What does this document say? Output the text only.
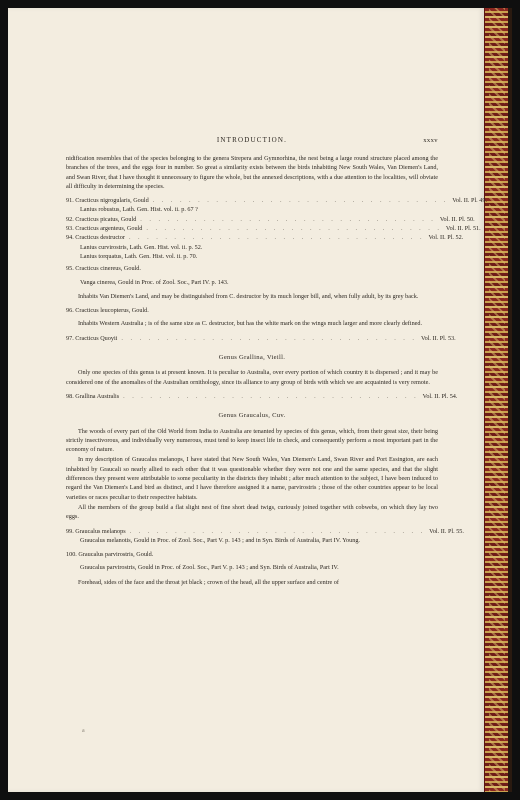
INTRODUCTION.	xxxv

nidification resembles that of the species belonging to the genera Strepera and Gymnorhina, the nest being a large round structure placed among the branches of the trees, and the eggs four in number. So great a similarity exists between the birds inhabiting New South Wales, Van Diemen's Land, and Swan River, that I have thought it unnecessary to figure the whole, but the annexed descriptions, with a due attention to the localities, will obviate all difficulty in determining the species.

91. Cracticus nigrogularis, Gould . . . . . . . . . . . . . . . . . . . . . . . . . . . . . . . . . Vol. II. Pl. 49.
Lanius robustus, Lath. Gen. Hist. vol. ii. p. 67 ?
92. Cracticus picatus, Gould . . . . . . . . . . . . . . . . . . . . . . . . . . . . . . . . . Vol. II. Pl. 50.
93. Cracticus argenteus, Gould . . . . . . . . . . . . . . . . . . . . . . . . . . . . . . . . . Vol. II. Pl. 51.
94. Cracticus destructor . . . . . . . . . . . . . . . . . . . . . . . . . . . . . . . . . Vol. II. Pl. 52.
Lanius curvirostris, Lath. Gen. Hist. vol. ii. p. 52.
Lanius torquatus, Lath. Gen. Hist. vol. ii. p. 70.
95. Cracticus cinereus, Gould.

Vanga cinerea, Gould in Proc. of Zool. Soc., Part IV. p. 143.

Inhabits Van Diemen's Land, and may be distinguished from C. destructor by its much longer bill, and, when fully adult, by its grey back.

96. Cracticus leucopterus, Gould.

Inhabits Western Australia ; is of the same size as C. destructor, but has the white mark on the wings much larger and more clearly defined.

97. Cracticus Quoyii . . . . . . . . . . . . . . . . . . . . . . . . . . . . . . . . . Vol. II. Pl. 53.
Genus Grallina, Vieill.

Only one species of this genus is at present known. It is peculiar to Australia, over every portion of which country it is dispersed ; and it may be considered one of the anomalies of the Australian ornithology, since its alliance to any group of birds with which we are acquainted is very remote.

98. Grallina Australis . . . . . . . . . . . . . . . . . . . . . . . . . . . . . . . . . Vol. II. Pl. 54.
Genus Graucalus, Cuv.

The woods of every part of the Old World from India to Australia are tenanted by species of this genus, which, from their great size, their being strictly insectivorous, and individually very numerous, must tend to keep insect life in check, and consequently perform a most important part in the economy of nature.

In my description of Graucalus melanops, I have stated that New South Wales, Van Diemen's Land, Swan River and Port Essington, are each inhabited by Graucali so nearly allied to each other that it was questionable whether they were not one and the same species, and that the slight differences they present were attributable to some peculiarity in the districts they inhabit ; after much attention to the subject, I have been induced to regard the Van Diemen's Land bird as distinct, and I have therefore assigned it a name, parvirostris ; those of the other countries appear to be local varieties or races peculiar to their respective habitats.

All the members of the group build a flat slight nest of fine short dead twigs, curiously joined together with cobwebs, on which they lay two eggs.

99. Graucalus melanops . . . . . . . . . . . . . . . . . . . . . . . . . . . . . . . . . Vol. II. Pl. 55.

Graucalus melanotis, Gould in Proc. of Zool. Soc., Part V. p. 143 ; and in Syn. Birds of Australia, Part IV. Young.

100. Graucalus parvirostris, Gould.

Graucalus parvirostris, Gould in Proc. of Zool. Soc., Part V. p. 143 ; and Syn. Birds of Australia, Part IV.

Forehead, sides of the face and the throat jet black ; crown of the head, all the upper surface and centre of

a
